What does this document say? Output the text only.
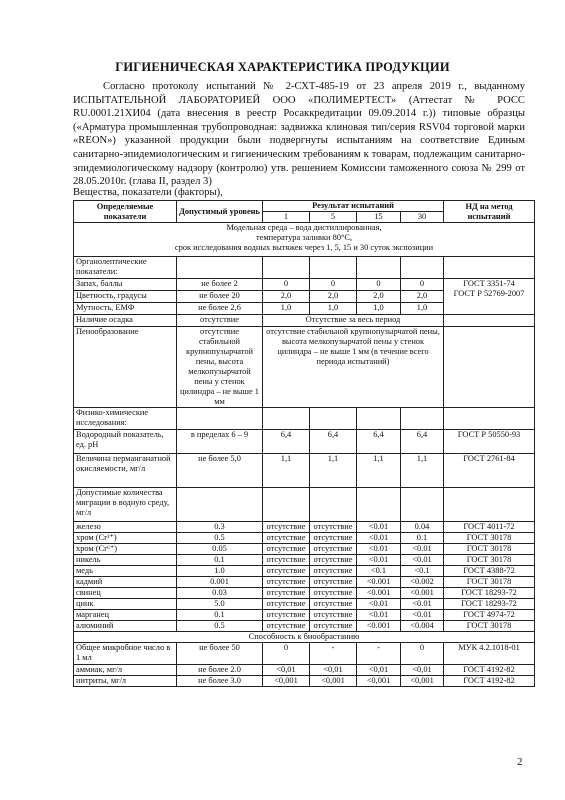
ГИГИЕНИЧЕСКАЯ ХАРАКТЕРИСТИКА ПРОДУКЦИИ
Согласно протоколу испытаний № 2-СХТ-485-19 от 23 апреля 2019 г., выданному ИСПЫТАТЕЛЬНОЙ ЛАБОРАТОРИЕЙ ООО «ПОЛИМЕРТЕСТ» (Аттестат № РОСС RU.0001.21ХИ04 (дата внесения в реестр Росаккредитации 09.09.2014 г.)) типовые образцы («Арматура промышленная трубопроводная: задвижка клиновая тип/серия RSV04 торговой марки «REON») указанной продукции были подвергнуты испытаниям на соответствие Единым санитарно-эпидемиологическим и гигиеническим требованиям к товарам, подлежащим санитарно-эпидемиологическому надзору (контролю) утв. решением Комиссии таможенного союза № 299 от 28.05.2010г. (глава II, раздел 3)
Вещества, показатели (факторы),
Определяемые показатели	Допустимый уровень	Результат испытаний				НД на метод испытаний
		1	5	15	30	
Модельная среда – вода дистиллированная,
температура заливки 80°С,
срок исследования водных вытяжек через 1, 5, 15 и 30 суток экспозиции						
Органолептические показатели:						
Запах, баллы	не более 2	0	0	0	0	ГОСТ 3351-74
ГОСТ Р 52769-2007
Цветность, градусы	не более 20	2,0	2,0	2,0	2,0	
Мутность, ЕМФ	не более 2,6	1,0	1,0	1,0	1,0	
Наличие осадка	отсутствие	Отсутствие за весь период				
Пенообразование	отсутствие стабильной крупнопузырчатой пены, высота мелкопузырчатой пены у стенок цилиндра – не выше 1 мм	отсутствие стабильной крупнопузырчатой пены, высота мелкопузырчатой пены у стенок цилиндра – не выше 1 мм (в течение всего периода испытаний)				
Физико-химические исследования:						
Водородный показатель, ед. рН	в пределах 6 – 9	6,4	6,4	6,4	6,4	ГОСТ Р 50550-93
Величина перманганатной окисляемости, мг/л	не более 5,0	1,1	1,1	1,1	1,1	ГОСТ 2761-84
Допустимые количества миграции в водную среду, мг/л						
железо	0.3	отсутствие	отсутствие	<0.01	0.04	ГОСТ 4011-72
хром (Cr³⁺)	0.5	отсутствие	отсутствие	<0.01	0.1	ГОСТ 30178
хром (Cr⁶⁺)	0.05	отсутствие	отсутствие	<0.01	<0.01	ГОСТ 30178
никель	0.1	отсутствие	отсутствие	<0.01	<0.01	ГОСТ 30178
медь	1.0	отсутствие	отсутствие	<0.1	<0.1	ГОСТ 4388-72
кадмий	0.001	отсутствие	отсутствие	<0.001	<0.002	ГОСТ 30178
свинец	0.03	отсутствие	отсутствие	<0.001	<0.001	ГОСТ 18293-72
цинк	5.0	отсутствие	отсутствие	<0.01	<0.01	ГОСТ 18293-72
марганец	0.1	отсутствие	отсутствие	<0.01	<0.01	ГОСТ 4974-72
алюминий	0.5	отсутствие	отсутствие	<0.001	<0.004	ГОСТ 30178
Способность к биообрастанию						
Общее микробное число в 1 мл	не более 50	0	-	-	0	МУК 4.2.1018-01
аммиак, мг/л	не более 2.0	<0,01	<0,01	<0,01	<0,01	ГОСТ 4192-82
нитриты, мг/л	не более 3.0	<0,001	<0,001	<0,001	<0,001	ГОСТ 4192-82
2
